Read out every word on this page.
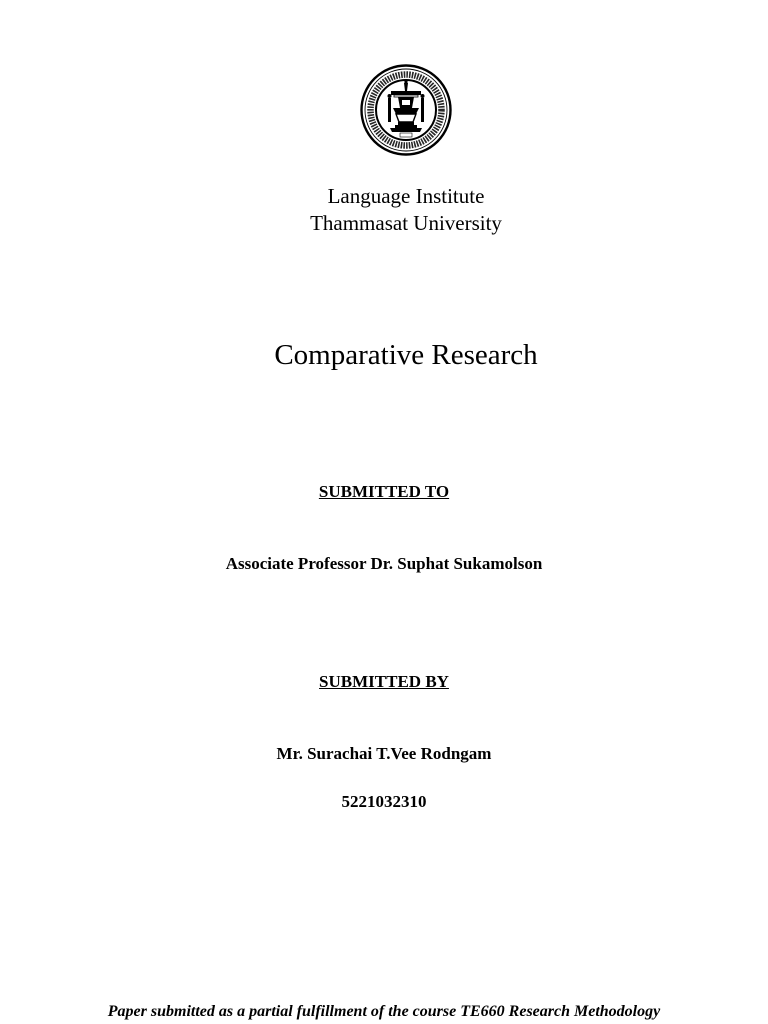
Language Institute
Thammasat University
Comparative Research
SUBMITTED TO
Associate Professor Dr. Suphat Sukamolson
SUBMITTED BY
Mr. Surachai T.Vee Rodngam
5221032310
Paper submitted as a partial fulfillment of the course TE660 Research Methodology
